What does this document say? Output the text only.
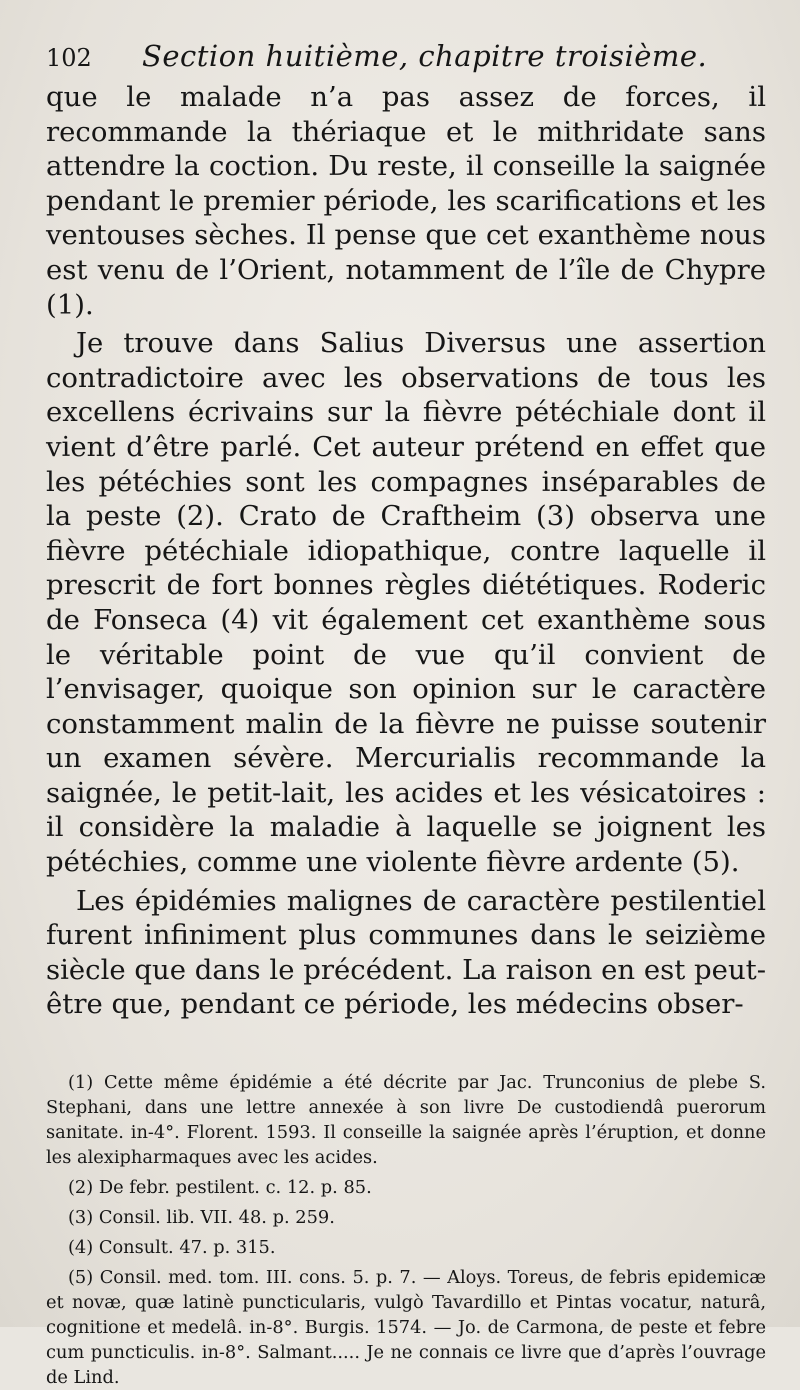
102	Section huitième, chapitre troisième.

que le malade n’a pas assez de forces, il recommande la thériaque et le mithridate sans attendre la coction. Du reste, il conseille la saignée pendant le premier période, les scarifications et les ventouses sèches. Il pense que cet exanthème nous est venu de l’Orient, notamment de l’île de Chypre (1).

Je trouve dans Salius Diversus une assertion contradictoire avec les observations de tous les excellens écrivains sur la fièvre pétéchiale dont il vient d’être parlé. Cet auteur prétend en effet que les pétéchies sont les compagnes inséparables de la peste (2). Crato de Craftheim (3) observa une fièvre pétéchiale idiopathique, contre laquelle il prescrit de fort bonnes règles diététiques. Roderic de Fonseca (4) vit également cet exanthème sous le véritable point de vue qu’il convient de l’envisager, quoique son opinion sur le caractère constamment malin de la fièvre ne puisse soutenir un examen sévère. Mercurialis recommande la saignée, le petit-lait, les acides et les vésicatoires : il considère la maladie à laquelle se joignent les pétéchies, comme une violente fièvre ardente (5).

Les épidémies malignes de caractère pestilentiel furent infiniment plus communes dans le seizième siècle que dans le précédent. La raison en est peut-être que, pendant ce période, les médecins obser-

(1) Cette même épidémie a été décrite par Jac. Trunconius de plebe S. Stephani, dans une lettre annexée à son livre De custodiendâ puerorum sanitate. in-4°. Florent. 1593. Il conseille la saignée après l’éruption, et donne les alexipharmaques avec les acides.

(2) De febr. pestilent. c. 12. p. 85.

(3) Consil. lib. VII. 48. p. 259.

(4) Consult. 47. p. 315.

(5) Consil. med. tom. III. cons. 5. p. 7. — Aloys. Toreus, de febris epidemicæ et novæ, quæ latinè puncticularis, vulgò Tavardillo et Pintas vocatur, naturâ, cognitione et medelâ. in-8°. Burgis. 1574. — Jo. de Carmona, de peste et febre cum puncticulis. in-8°. Salmant..... Je ne connais ce livre que d’après l’ouvrage de Lind.
